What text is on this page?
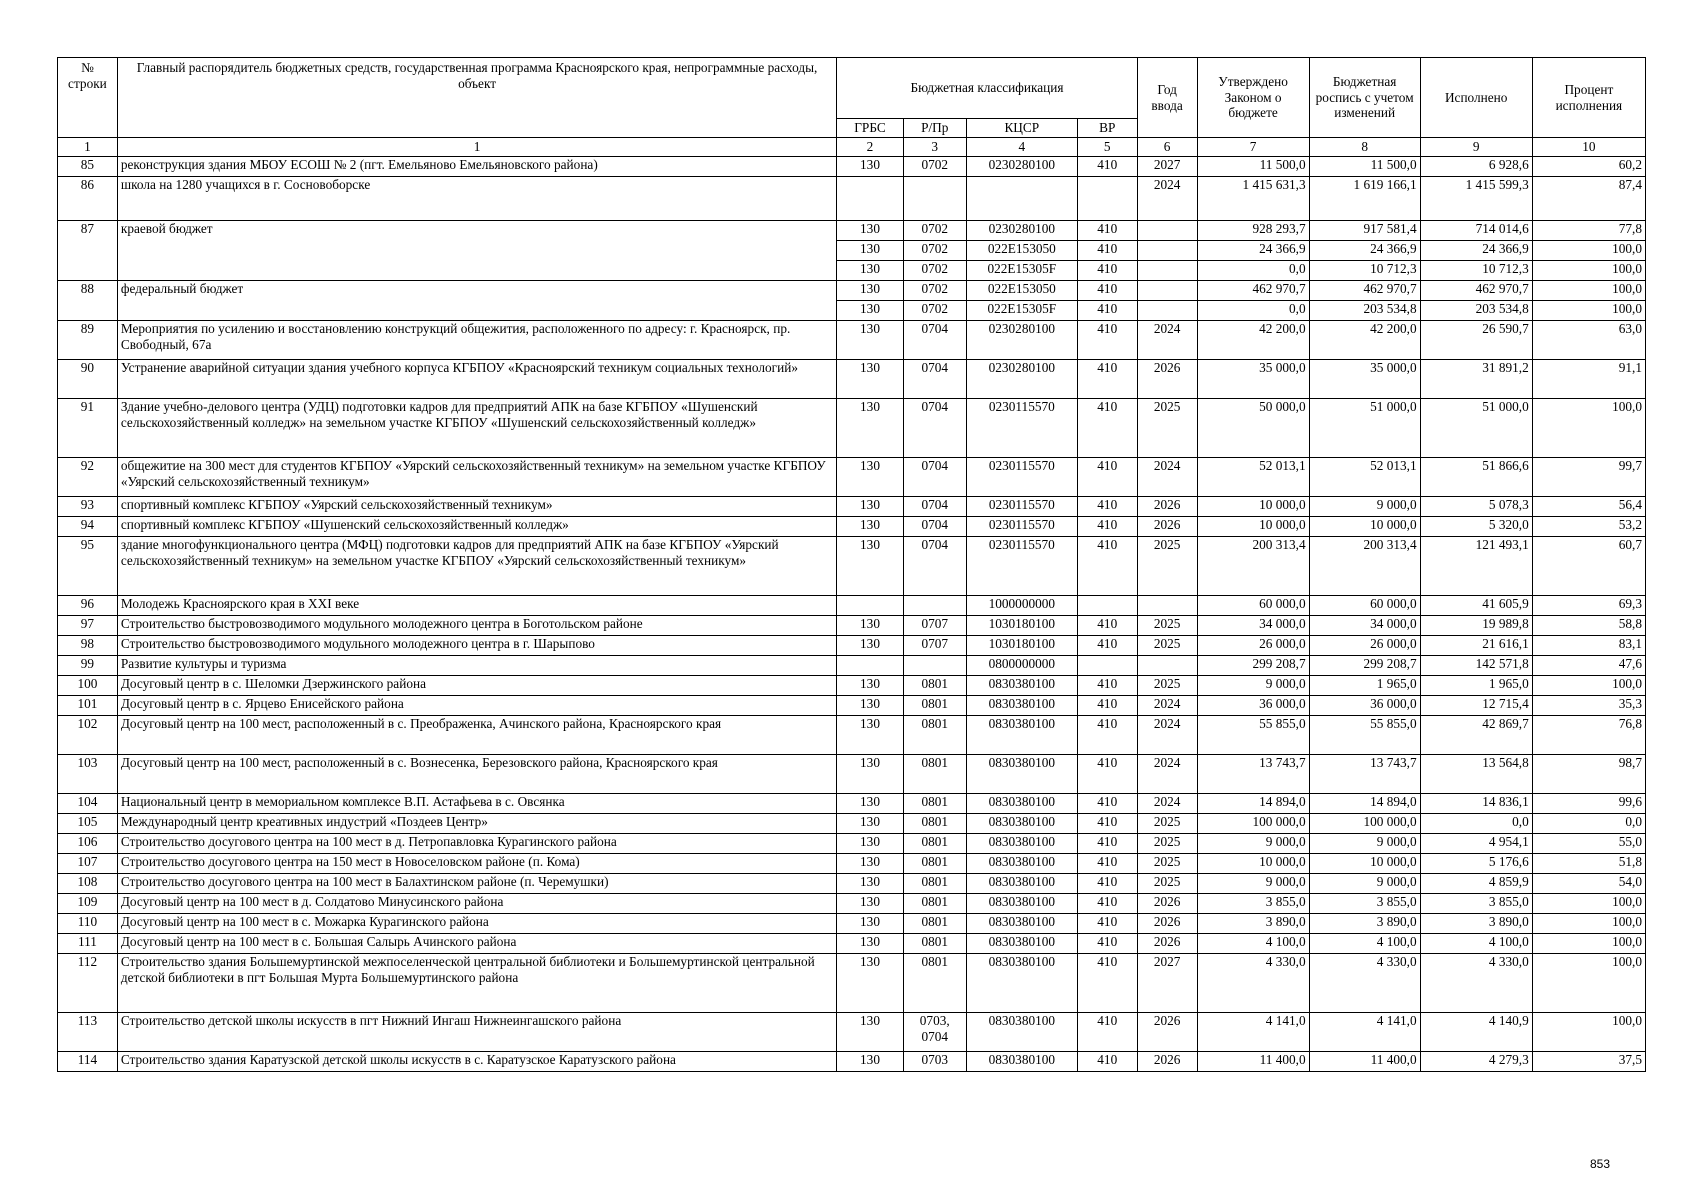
№ строки	Главный распорядитель бюджетных средств, государственная программа Красноярского края, непрограммные расходы, объект	Бюджетная классификация				Год ввода	Утверждено Законом о бюджете	Бюджетная роспись с учетом изменений	Исполнено	Процент исполнения
		ГРБС	Р/Пр	КЦСР	ВР					
1	1	2	3	4	5	6	7	8	9	10
85	реконструкция здания МБОУ ЕСОШ № 2 (пгт. Емельяново Емельяновского района)	130	0702	0230280100	410	2027	11 500,0	11 500,0	6 928,6	60,2
86	школа на 1280 учащихся в г. Сосновоборске					2024	1 415 631,3	1 619 166,1	1 415 599,3	87,4
87	краевой бюджет	130	0702	0230280100	410		928 293,7	917 581,4	714 014,6	77,8
		130	0702	022Е153050	410		24 366,9	24 366,9	24 366,9	100,0
		130	0702	022Е15305F	410		0,0	10 712,3	10 712,3	100,0
88	федеральный бюджет	130	0702	022Е153050	410		462 970,7	462 970,7	462 970,7	100,0
		130	0702	022Е15305F	410		0,0	203 534,8	203 534,8	100,0
89	Мероприятия по усилению и восстановлению конструкций общежития, расположенного по адресу: г. Красноярск, пр. Свободный, 67а	130	0704	0230280100	410	2024	42 200,0	42 200,0	26 590,7	63,0
90	Устранение аварийной ситуации здания учебного корпуса КГБПОУ «Красноярский техникум социальных технологий»	130	0704	0230280100	410	2026	35 000,0	35 000,0	31 891,2	91,1
91	Здание учебно-делового центра (УДЦ) подготовки кадров для предприятий АПК на базе КГБПОУ «Шушенский сельскохозяйственный колледж» на земельном участке КГБПОУ «Шушенский сельскохозяйственный колледж»	130	0704	0230115570	410	2025	50 000,0	51 000,0	51 000,0	100,0
92	общежитие на 300 мест для студентов КГБПОУ «Уярский сельскохозяйственный техникум» на земельном участке КГБПОУ «Уярский сельскохозяйственный техникум»	130	0704	0230115570	410	2024	52 013,1	52 013,1	51 866,6	99,7
93	спортивный комплекс КГБПОУ «Уярский сельскохозяйственный техникум»	130	0704	0230115570	410	2026	10 000,0	9 000,0	5 078,3	56,4
94	спортивный комплекс КГБПОУ «Шушенский сельскохозяйственный колледж»	130	0704	0230115570	410	2026	10 000,0	10 000,0	5 320,0	53,2
95	здание многофункционального центра (МФЦ) подготовки кадров для предприятий АПК на базе КГБПОУ «Уярский сельскохозяйственный техникум» на земельном участке КГБПОУ «Уярский сельскохозяйственный техникум»	130	0704	0230115570	410	2025	200 313,4	200 313,4	121 493,1	60,7
96	Молодежь Красноярского края в XXI веке			1000000000			60 000,0	60 000,0	41 605,9	69,3
97	Строительство быстровозводимого модульного молодежного центра в Боготольском районе	130	0707	1030180100	410	2025	34 000,0	34 000,0	19 989,8	58,8
98	Строительство быстровозводимого модульного молодежного центра в г. Шарыпово	130	0707	1030180100	410	2025	26 000,0	26 000,0	21 616,1	83,1
99	Развитие культуры и туризма			0800000000			299 208,7	299 208,7	142 571,8	47,6
100	Досуговый центр в с. Шеломки Дзержинского района	130	0801	0830380100	410	2025	9 000,0	1 965,0	1 965,0	100,0
101	Досуговый центр в с. Ярцево Енисейского района	130	0801	0830380100	410	2024	36 000,0	36 000,0	12 715,4	35,3
102	Досуговый центр на 100 мест, расположенный в с. Преображенка, Ачинского района, Красноярского края	130	0801	0830380100	410	2024	55 855,0	55 855,0	42 869,7	76,8
103	Досуговый центр на 100 мест, расположенный в с. Вознесенка, Березовского района, Красноярского края	130	0801	0830380100	410	2024	13 743,7	13 743,7	13 564,8	98,7
104	Национальный центр в мемориальном комплексе В.П. Астафьева в с. Овсянка	130	0801	0830380100	410	2024	14 894,0	14 894,0	14 836,1	99,6
105	Международный центр креативных индустрий «Поздеев Центр»	130	0801	0830380100	410	2025	100 000,0	100 000,0	0,0	0,0
106	Строительство досугового центра на 100 мест в д. Петропавловка Курагинского района	130	0801	0830380100	410	2025	9 000,0	9 000,0	4 954,1	55,0
107	Строительство досугового центра на 150 мест в Новоселовском районе (п. Кома)	130	0801	0830380100	410	2025	10 000,0	10 000,0	5 176,6	51,8
108	Строительство досугового центра на 100 мест в Балахтинском районе (п. Черемушки)	130	0801	0830380100	410	2025	9 000,0	9 000,0	4 859,9	54,0
109	Досуговый центр на 100 мест в д. Солдатово Минусинского района	130	0801	0830380100	410	2026	3 855,0	3 855,0	3 855,0	100,0
110	Досуговый центр на 100 мест в с. Можарка Курагинского района	130	0801	0830380100	410	2026	3 890,0	3 890,0	3 890,0	100,0
111	Досуговый центр на 100 мест в с. Большая Салырь Ачинского района	130	0801	0830380100	410	2026	4 100,0	4 100,0	4 100,0	100,0
112	Строительство здания Большемуртинской межпоселенческой центральной библиотеки и Большемуртинской центральной детской библиотеки в пгт Большая Мурта Большемуртинского района	130	0801	0830380100	410	2027	4 330,0	4 330,0	4 330,0	100,0
113	Строительство детской школы искусств в пгт Нижний Ингаш Нижнеингашского района	130	0703, 0704	0830380100	410	2026	4 141,0	4 141,0	4 140,9	100,0
114	Строительство здания Каратузской детской школы искусств в с. Каратузское Каратузского района	130	0703	0830380100	410	2026	11 400,0	11 400,0	4 279,3	37,5
853
